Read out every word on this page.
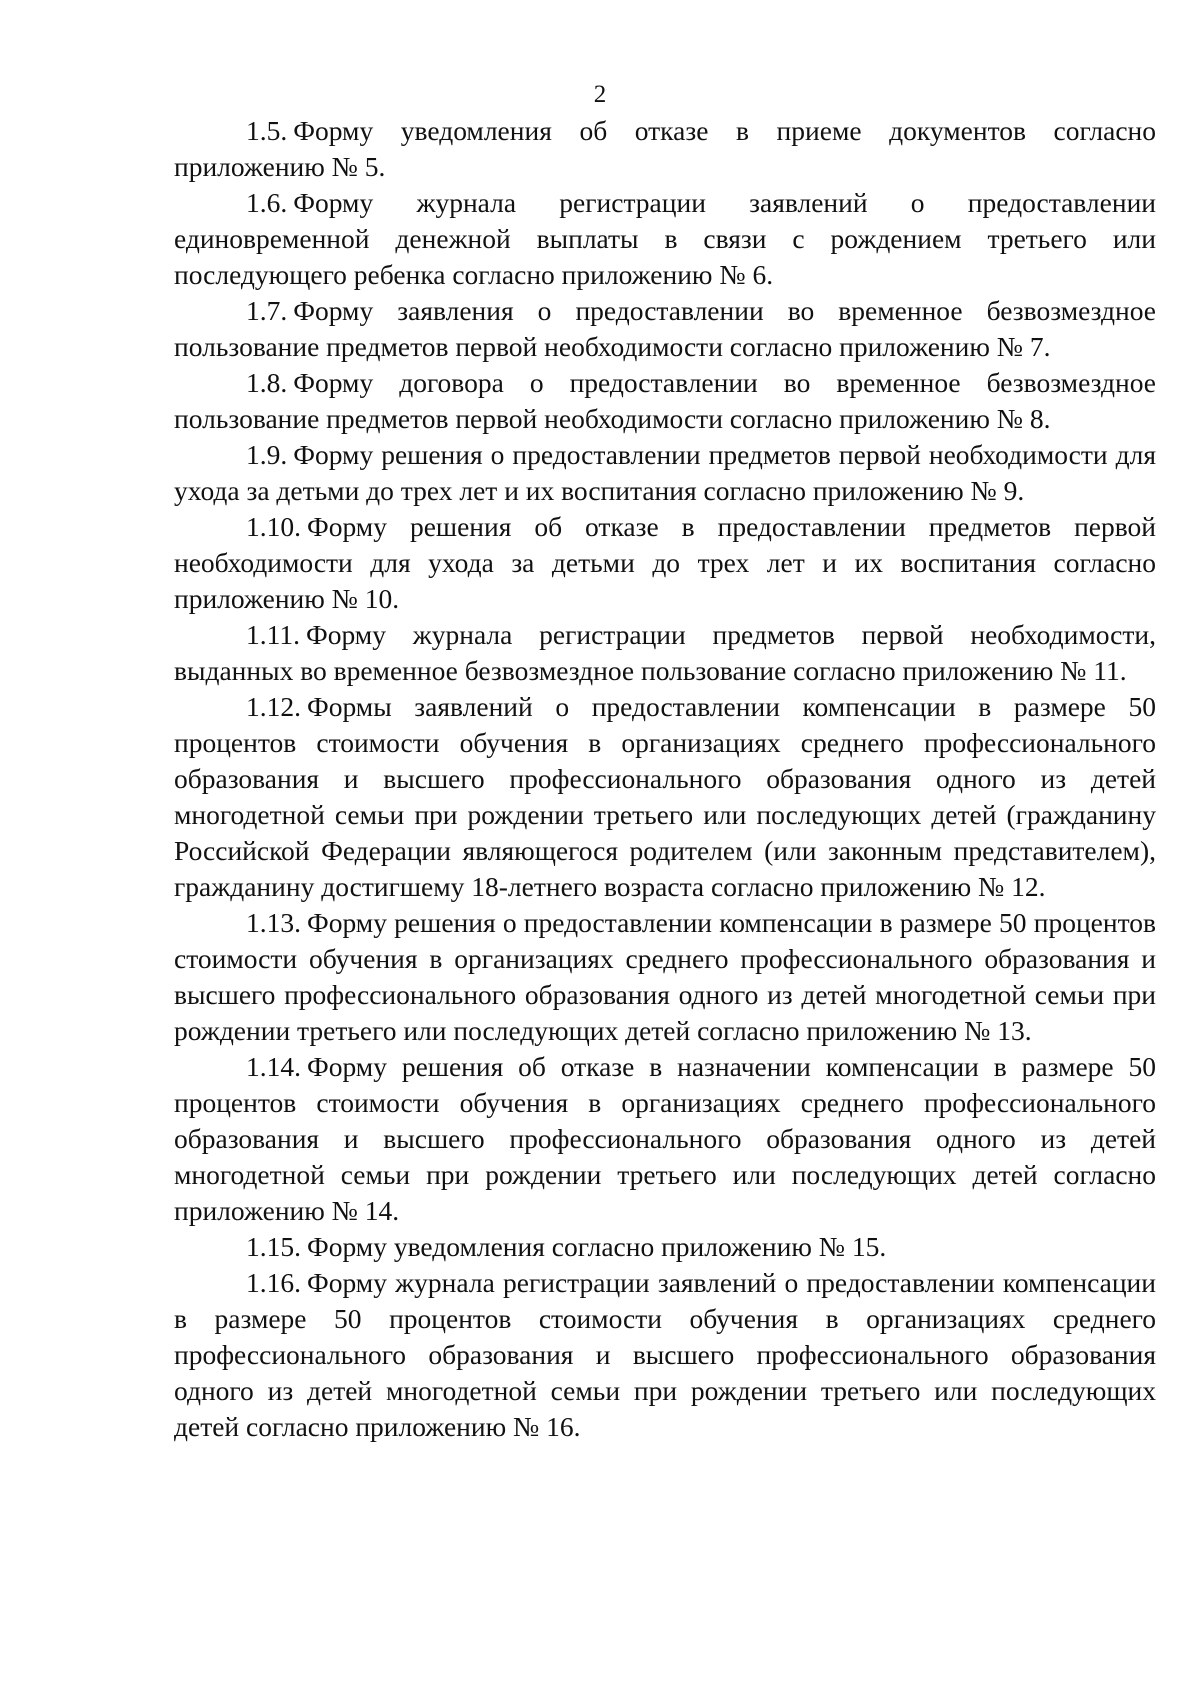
2

1.5. Форму уведомления об отказе в приеме документов согласно приложению № 5.

1.6. Форму журнала регистрации заявлений о предоставлении единовременной денежной выплаты в связи с рождением третьего или последующего ребенка согласно приложению № 6.

1.7. Форму заявления о предоставлении во временное безвозмездное пользование предметов первой необходимости согласно приложению № 7.

1.8. Форму договора о предоставлении во временное безвозмездное пользование предметов первой необходимости согласно приложению № 8.

1.9. Форму решения о предоставлении предметов первой необходимости для ухода за детьми до трех лет и их воспитания согласно приложению № 9.

1.10. Форму решения об отказе в предоставлении предметов первой необходимости для ухода за детьми до трех лет и их воспитания согласно приложению № 10.

1.11. Форму журнала регистрации предметов первой необходимости, выданных во временное безвозмездное пользование согласно приложению № 11.

1.12. Формы заявлений о предоставлении компенсации в размере 50 процентов стоимости обучения в организациях среднего профессионального образования и высшего профессионального образования одного из детей многодетной семьи при рождении третьего или последующих детей (гражданину Российской Федерации являющегося родителем (или законным представителем), гражданину достигшему 18-летнего возраста согласно приложению № 12.

1.13. Форму решения о предоставлении компенсации в размере 50 процентов стоимости обучения в организациях среднего профессионального образования и высшего профессионального образования одного из детей многодетной семьи при рождении третьего или последующих детей согласно приложению № 13.

1.14. Форму решения об отказе в назначении компенсации в размере 50 процентов стоимости обучения в организациях среднего профессионального образования и высшего профессионального образования одного из детей многодетной семьи при рождении третьего или последующих детей согласно приложению № 14.

1.15. Форму уведомления согласно приложению № 15.

1.16. Форму журнала регистрации заявлений о предоставлении компенсации в размере 50 процентов стоимости обучения в организациях среднего профессионального образования и высшего профессионального образования одного из детей многодетной семьи при рождении третьего или последующих детей согласно приложению № 16.
